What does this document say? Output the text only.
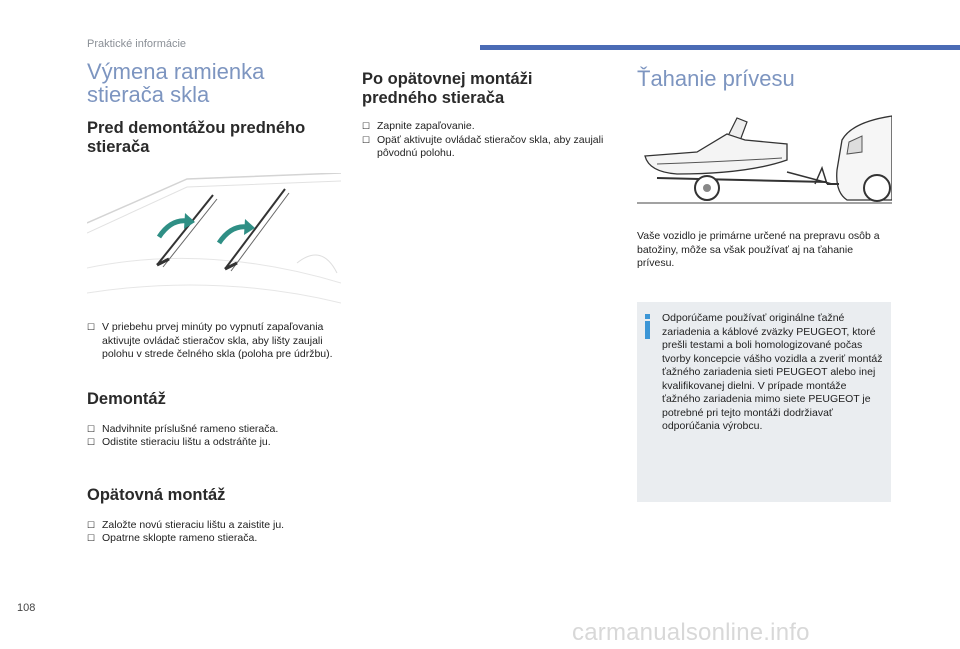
Praktické informácie
Výmena ramienka stierača skla
Pred demontážou predného stierača
☐ V priebehu prvej minúty po vypnutí zapaľovania aktivujte ovládač stieračov skla, aby lišty zaujali polohu v strede čelného skla (poloha pre údržbu).
Demontáž
☐ Nadvihnite príslušné rameno stierača.
☐ Odistite stieraciu lištu a odstráňte ju.
Opätovná montáž
☐ Založte novú stieraciu lištu a zaistite ju.
☐ Opatrne sklopte rameno stierača.
Po opätovnej montáži predného stierača
☐ Zapnite zapaľovanie.
☐ Opäť aktivujte ovládač stieračov skla, aby zaujali pôvodnú polohu.
Ťahanie prívesu

Vaše vozidlo je primárne určené na prepravu osôb a batožiny, môže sa však používať aj na ťahanie prívesu.

Odporúčame používať originálne ťažné zariadenia a káblové zväzky PEUGEOT, ktoré prešli testami a boli homologizované počas tvorby koncepcie vášho vozidla a zveriť montáž ťažného zariadenia sieti PEUGEOT alebo inej kvalifikovanej dielni. V prípade montáže ťažného zariadenia mimo siete PEUGEOT je potrebné pri tejto montáži dodržiavať odporúčania výrobcu.

108
carmanualsonline.info
